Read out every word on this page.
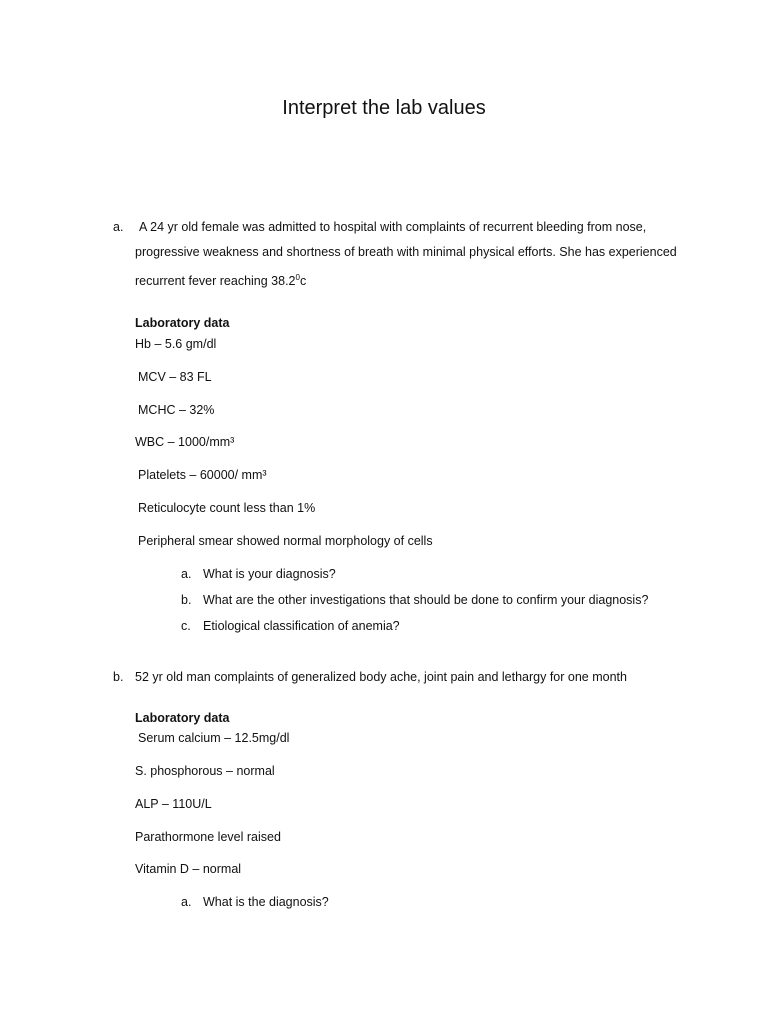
Interpret the lab values
a. A 24 yr old female was admitted to hospital with complaints of recurrent bleeding from nose,
progressive weakness and shortness of breath with minimal physical efforts. She has experienced
recurrent fever reaching 38.2$^0$c
Laboratory data
Hb – 5.6 gm/dl
MCV – 83 FL
MCHC – 32%
WBC – 1000/mm³
Platelets – 60000/ mm³
Reticulocyte count less than 1%
Peripheral smear showed normal morphology of cells
a. What is your diagnosis?
b. What are the other investigations that should be done to confirm your diagnosis?
c. Etiological classification of anemia?
b. 52 yr old man complaints of generalized body ache, joint pain and lethargy for one month
Laboratory data
Serum calcium – 12.5mg/dl
S. phosphorous – normal
ALP – 110U/L
Parathormone level raised
Vitamin D – normal
a. What is the diagnosis?
